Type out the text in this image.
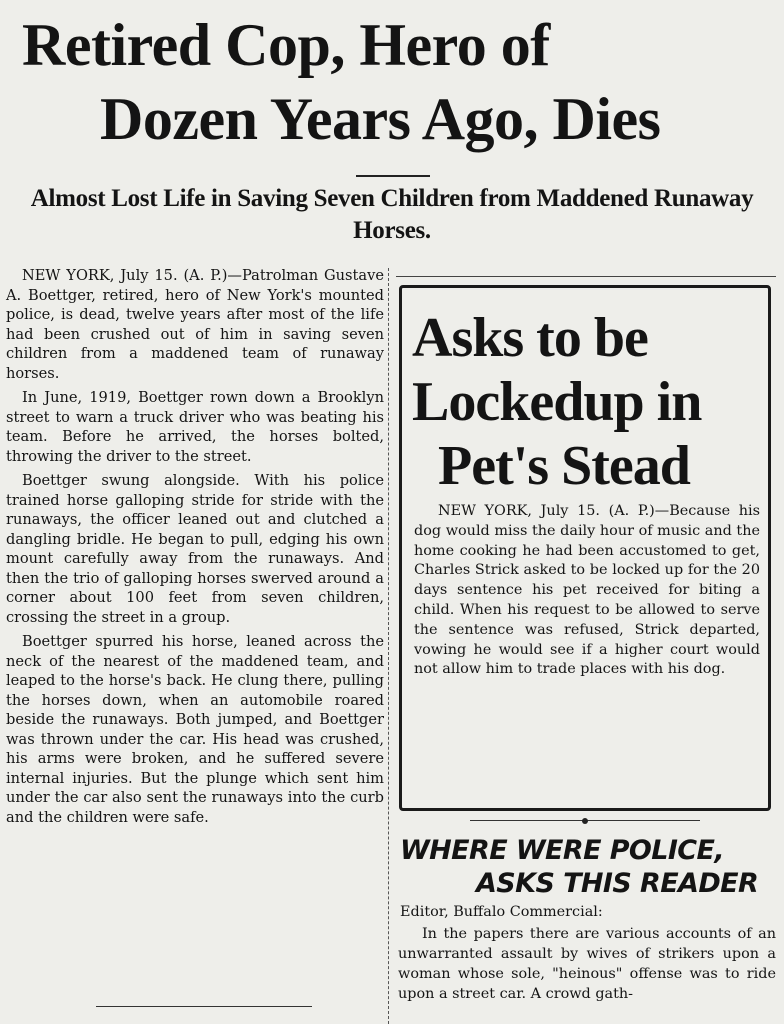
Retired Cop, Hero of
Dozen Years Ago, Dies
Almost Lost Life in Saving Seven Children from Maddened Runaway Horses.

NEW YORK, July 15. (A. P.)—Patrolman Gustave A. Boettger, retired, hero of New York's mounted police, is dead, twelve years after most of the life had been crushed out of him in saving seven children from a maddened team of runaway horses.

In June, 1919, Boettger rown down a Brooklyn street to warn a truck driver who was beating his team. Before he arrived, the horses bolted, throwing the driver to the street.

Boettger swung alongside. With his police trained horse galloping stride for stride with the runaways, the officer leaned out and clutched a dangling bridle. He began to pull, edging his own mount carefully away from the runaways. And then the trio of galloping horses swerved around a corner about 100 feet from seven children, crossing the street in a group.

Boettger spurred his horse, leaned across the neck of the nearest of the maddened team, and leaped to the horse's back. He clung there, pulling the horses down, when an automobile roared beside the runaways. Both jumped, and Boettger was thrown under the car. His head was crushed, his arms were broken, and he suffered severe internal injuries. But the plunge which sent him under the car also sent the runaways into the curb and the children were safe.

Asks to be
Lockedup in
Pet's Stead

NEW YORK, July 15. (A. P.)—Because his dog would miss the daily hour of music and the home cooking he had been accustomed to get, Charles Strick asked to be locked up for the 20 days sentence his pet received for biting a child. When his request to be allowed to serve the sentence was refused, Strick departed, vowing he would see if a higher court would not allow him to trade places with his dog.

WHERE WERE POLICE,
ASKS THIS READER

Editor, Buffalo Commercial:

In the papers there are various accounts of an unwarranted assault by wives of strikers upon a woman whose sole, "heinous" offense was to ride upon a street car. A crowd gath-
